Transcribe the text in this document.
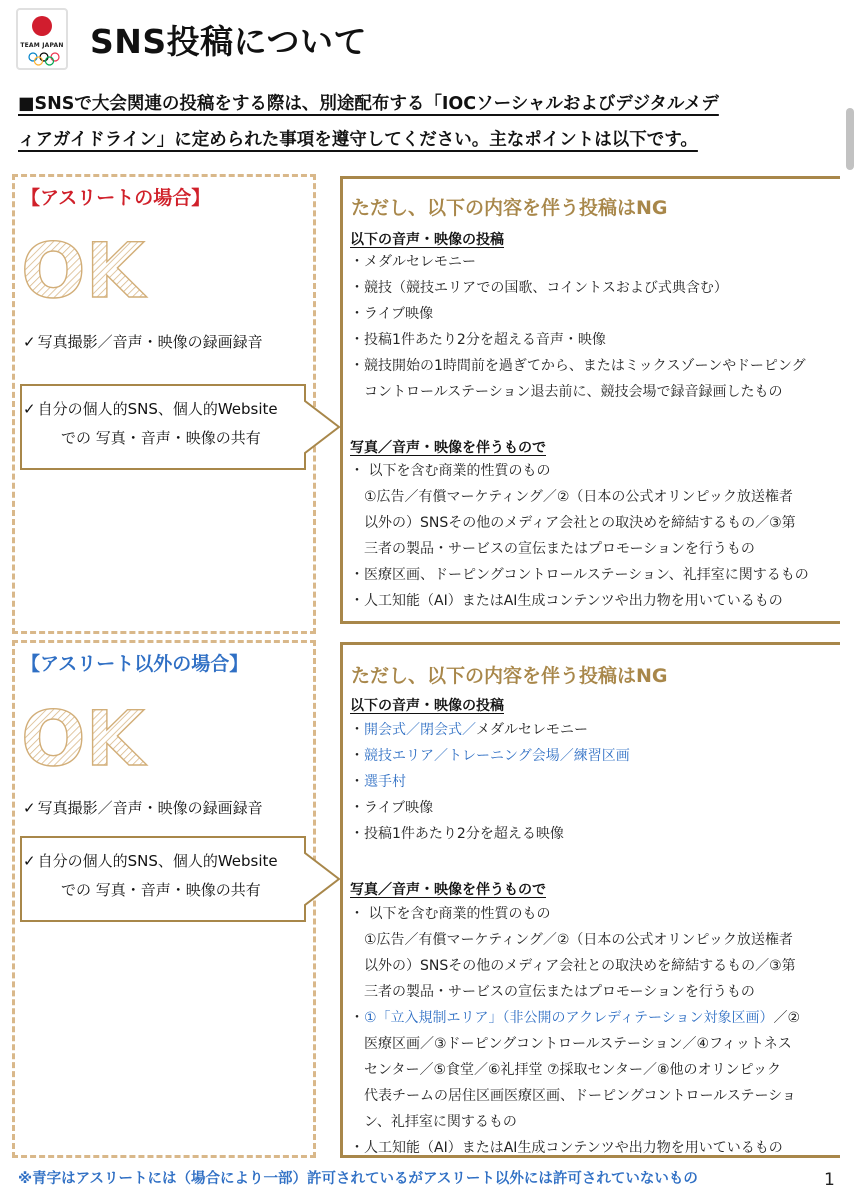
TEAM JAPAN SNS投稿について
■SNSで大会関連の投稿をする際は、別途配布する「IOCソーシャルおよびデジタルメデ
ィアガイドライン」に定められた事項を遵守してください。主なポイントは以下です。
【アスリートの場合】
OK
✓ 写真撮影／音声・映像の録画録音
✓ 自分の個人的SNS、個人的Website
での 写真・音声・映像の共有
ただし、以下の内容を伴う投稿はNG
以下の音声・映像の投稿
・メダルセレモニー
・競技（競技エリアでの国歌、コイントスおよび式典含む）
・ライブ映像
・投稿1件あたり2分を超える音声・映像
・競技開始の1時間前を過ぎてから、またはミックスゾーンやドーピング
　コントロールステーション退去前に、競技会場で録音録画したもの
写真／音声・映像を伴うもので
・ 以下を含む商業的性質のもの
　①広告／有償マーケティング／②（日本の公式オリンピック放送権者
　以外の）SNSその他のメディア会社との取決めを締結するもの／③第
　三者の製品・サービスの宣伝またはプロモーションを行うもの
・医療区画、ドーピングコントロールステーション、礼拝室に関するもの
・人工知能（AI）またはAI生成コンテンツや出力物を用いているもの
【アスリート以外の場合】
OK
✓ 写真撮影／音声・映像の録画録音
✓ 自分の個人的SNS、個人的Website
での 写真・音声・映像の共有
ただし、以下の内容を伴う投稿はNG
以下の音声・映像の投稿
・開会式／閉会式／メダルセレモニー
・競技エリア／トレーニング会場／練習区画
・選手村
・ライブ映像
・投稿1件あたり2分を超える映像
写真／音声・映像を伴うもので
・ 以下を含む商業的性質のもの
　①広告／有償マーケティング／②（日本の公式オリンピック放送権者
　以外の）SNSその他のメディア会社との取決めを締結するもの／③第
　三者の製品・サービスの宣伝またはプロモーションを行うもの
・①「立入規制エリア」（非公開のアクレディテーション対象区画）／②
　医療区画／③ドーピングコントロールステーション／④フィットネス
　センター／⑤食堂／⑥礼拝堂 ⑦採取センター／⑧他のオリンピック
　代表チームの居住区画医療区画、ドーピングコントロールステーショ
　ン、礼拝室に関するもの
・人工知能（AI）またはAI生成コンテンツや出力物を用いているもの
※青字はアスリートには（場合により一部）許可されているがアスリート以外には許可されていないもの	1
